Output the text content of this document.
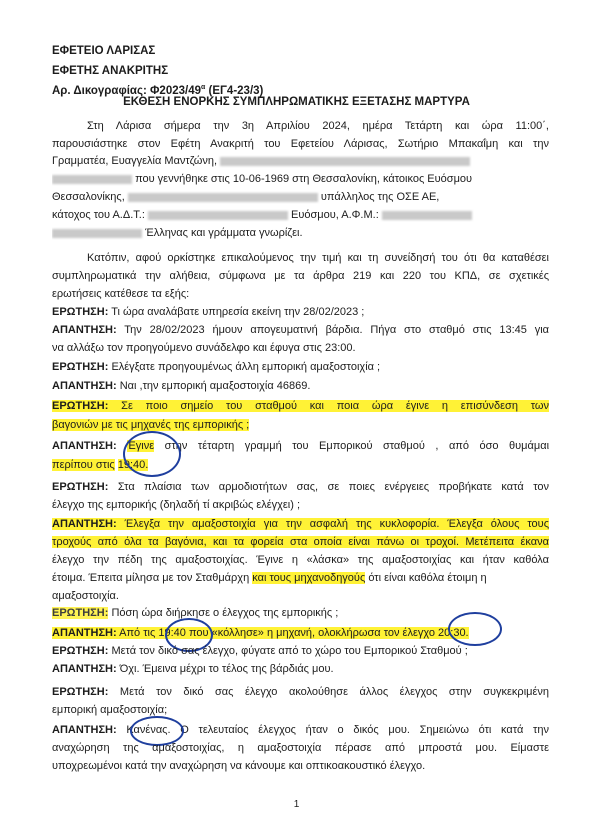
ΕΦΕΤΕΙΟ ΛΑΡΙΣΑΣ
ΕΦΕΤΗΣ ΑΝΑΚΡΙΤΗΣ
Αρ. Δικογραφίας: $\Phi 2023/49^\alpha$ (ΕΓ4-23/3)
ΕΚΘΕΣΗ ΕΝΟΡΚΗΣ ΣΥΜΠΛΗΡΩΜΑΤΙΚΗΣ ΕΞΕΤΑΣΗΣ ΜΑΡΤΥΡΑ
Στη Λάρισα σήμερα την 3η Απριλίου 2024, ημέρα Τετάρτη και ώρα 11:00΄,
παρουσιάστηκε στον Εφέτη Ανακριτή του Εφετείου Λάρισας, Σωτήριο Μπακαΐμη και την
Γραμματέα, Ευαγγελία Μαντζώνη,
που γεννήθηκε στις 10-06-1969 στη Θεσσαλονίκη, κάτοικος Ευόσμου
Θεσσαλονίκης,	υπάλληλος της ΟΣΕ ΑΕ,
κάτοχος του Α.Δ.Τ.:	Ευόσμου, Α.Φ.Μ.:
Έλληνας και γράμματα γνωρίζει.
Κατόπιν, αφού ορκίστηκε επικαλούμενος την τιμή και τη συνείδησή του ότι θα καταθέσει
συμπληρωματικά την αλήθεια, σύμφωνα με τα άρθρα 219 και 220 του ΚΠΔ, σε σχετικές
ερωτήσεις κατέθεσε τα εξής:
ΕΡΩΤΗΣΗ: Τι ώρα αναλάβατε υπηρεσία εκείνη την 28/02/2023 ;
ΑΠΑΝΤΗΣΗ: Την 28/02/2023 ήμουν απογευματινή βάρδια. Πήγα στο σταθμό στις 13:45 για
να αλλάξω τον προηγούμενο συνάδελφο και έφυγα στις 23:00.
ΕΡΩΤΗΣΗ: Ελέγξατε προηγουμένως άλλη εμπορική αμαξοστοιχία ;
ΑΠΑΝΤΗΣΗ: Ναι ,την εμπορική αμαξοστοιχία 46869.
ΕΡΩΤΗΣΗ: Σε ποιο σημείο του σταθμού και ποια ώρα έγινε η επισύνδεση των
βαγονιών με τις μηχανές της εμπορικής ;
ΑΠΑΝΤΗΣΗ: Έγινε στην τέταρτη γραμμή του Εμπορικού σταθμού , από όσο θυμάμαι
περίπου στις 19:40.
ΕΡΩΤΗΣΗ: Στα πλαίσια των αρμοδιοτήτων σας, σε ποιες ενέργειες προβήκατε κατά τον
έλεγχο της εμπορικής (δηλαδή τί ακριβώς ελέγχει) ;
ΑΠΑΝΤΗΣΗ: Έλεγξα την αμαξοστοιχία για την ασφαλή της κυκλοφορία. Έλεγξα όλους τους
τροχούς από όλα τα βαγόνια, και τα φορεία στα οποία είναι πάνω οι τροχοί. Μετέπειτα έκανα
έλεγχο την πέδη της αμαξοστοιχίας. Έγινε η «λάσκα» της αμαξοστοιχίας και ήταν καθόλα
έτοιμα. Έπειτα μίλησα με τον Σταθμάρχη και τους μηχανοδηγούς ότι είναι καθόλα έτοιμη η
αμαξοστοιχία.
ΕΡΩΤΗΣΗ: Πόση ώρα διήρκησε ο έλεγχος της εμπορικής ;
ΑΠΑΝΤΗΣΗ: Από τις 19:40 που «κόλλησε» η μηχανή, ολοκλήρωσα τον έλεγχο 20:30.
ΕΡΩΤΗΣΗ: Μετά τον δικό σας έλεγχο, φύγατε από το χώρο του Εμπορικού Σταθμού ;
ΑΠΑΝΤΗΣΗ: Όχι. Έμεινα μέχρι το τέλος της βάρδιάς μου.
ΕΡΩΤΗΣΗ: Μετά τον δικό σας έλεγχο ακολούθησε άλλος έλεγχος στην συγκεκριμένη
εμπορική αμαξοστοιχία;
ΑΠΑΝΤΗΣΗ: Κανένας. Ο τελευταίος έλεγχος ήταν ο δικός μου. Σημειώνω ότι κατά την
αναχώρηση της αμαξοστοιχίας, η αμαξοστοιχία πέρασε από μπροστά μου. Είμαστε
υποχρεωμένοι κατά την αναχώρηση να κάνουμε και οπτικοακουστικό έλεγχο.
1
